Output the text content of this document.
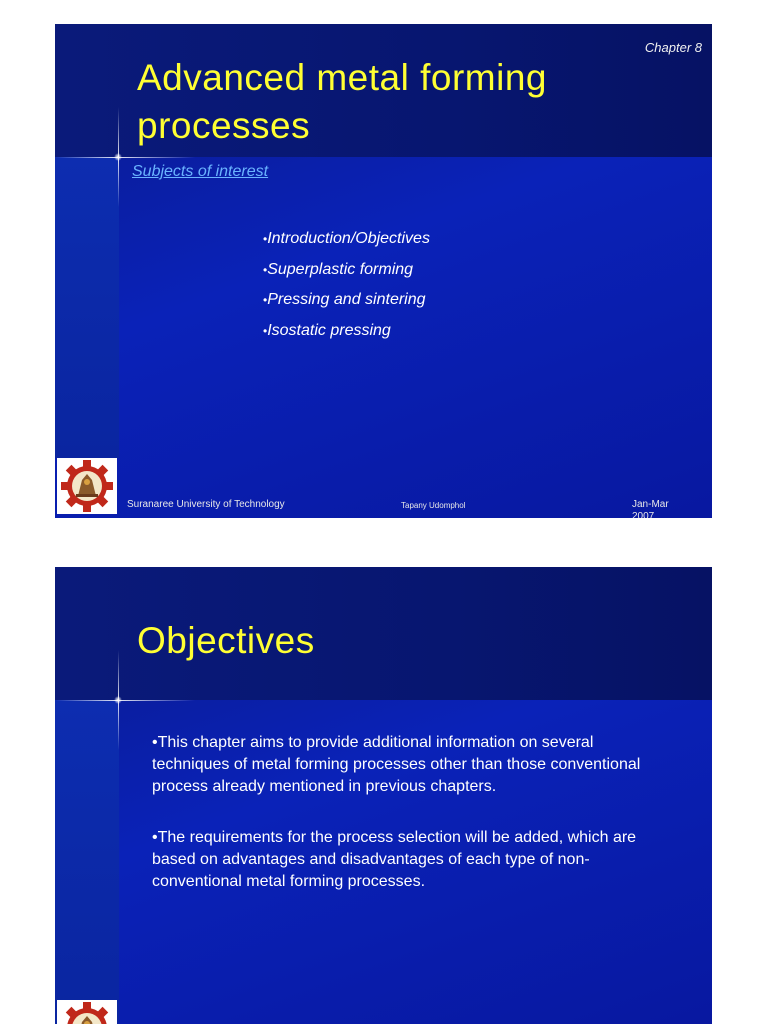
Chapter 8
Advanced metal forming processes
Subjects of interest
• Introduction/Objectives
• Superplastic forming
• Pressing and sintering
• Isostatic pressing
Suranaree University of Technology	Tapany Udomphol	Jan-Mar 2007
Objectives

•This chapter aims to provide additional information on several techniques of metal forming processes other than those conventional process already mentioned in previous chapters.

•The requirements for the process selection will be added, which are based on advantages and disadvantages of each type of non-conventional metal forming processes.
